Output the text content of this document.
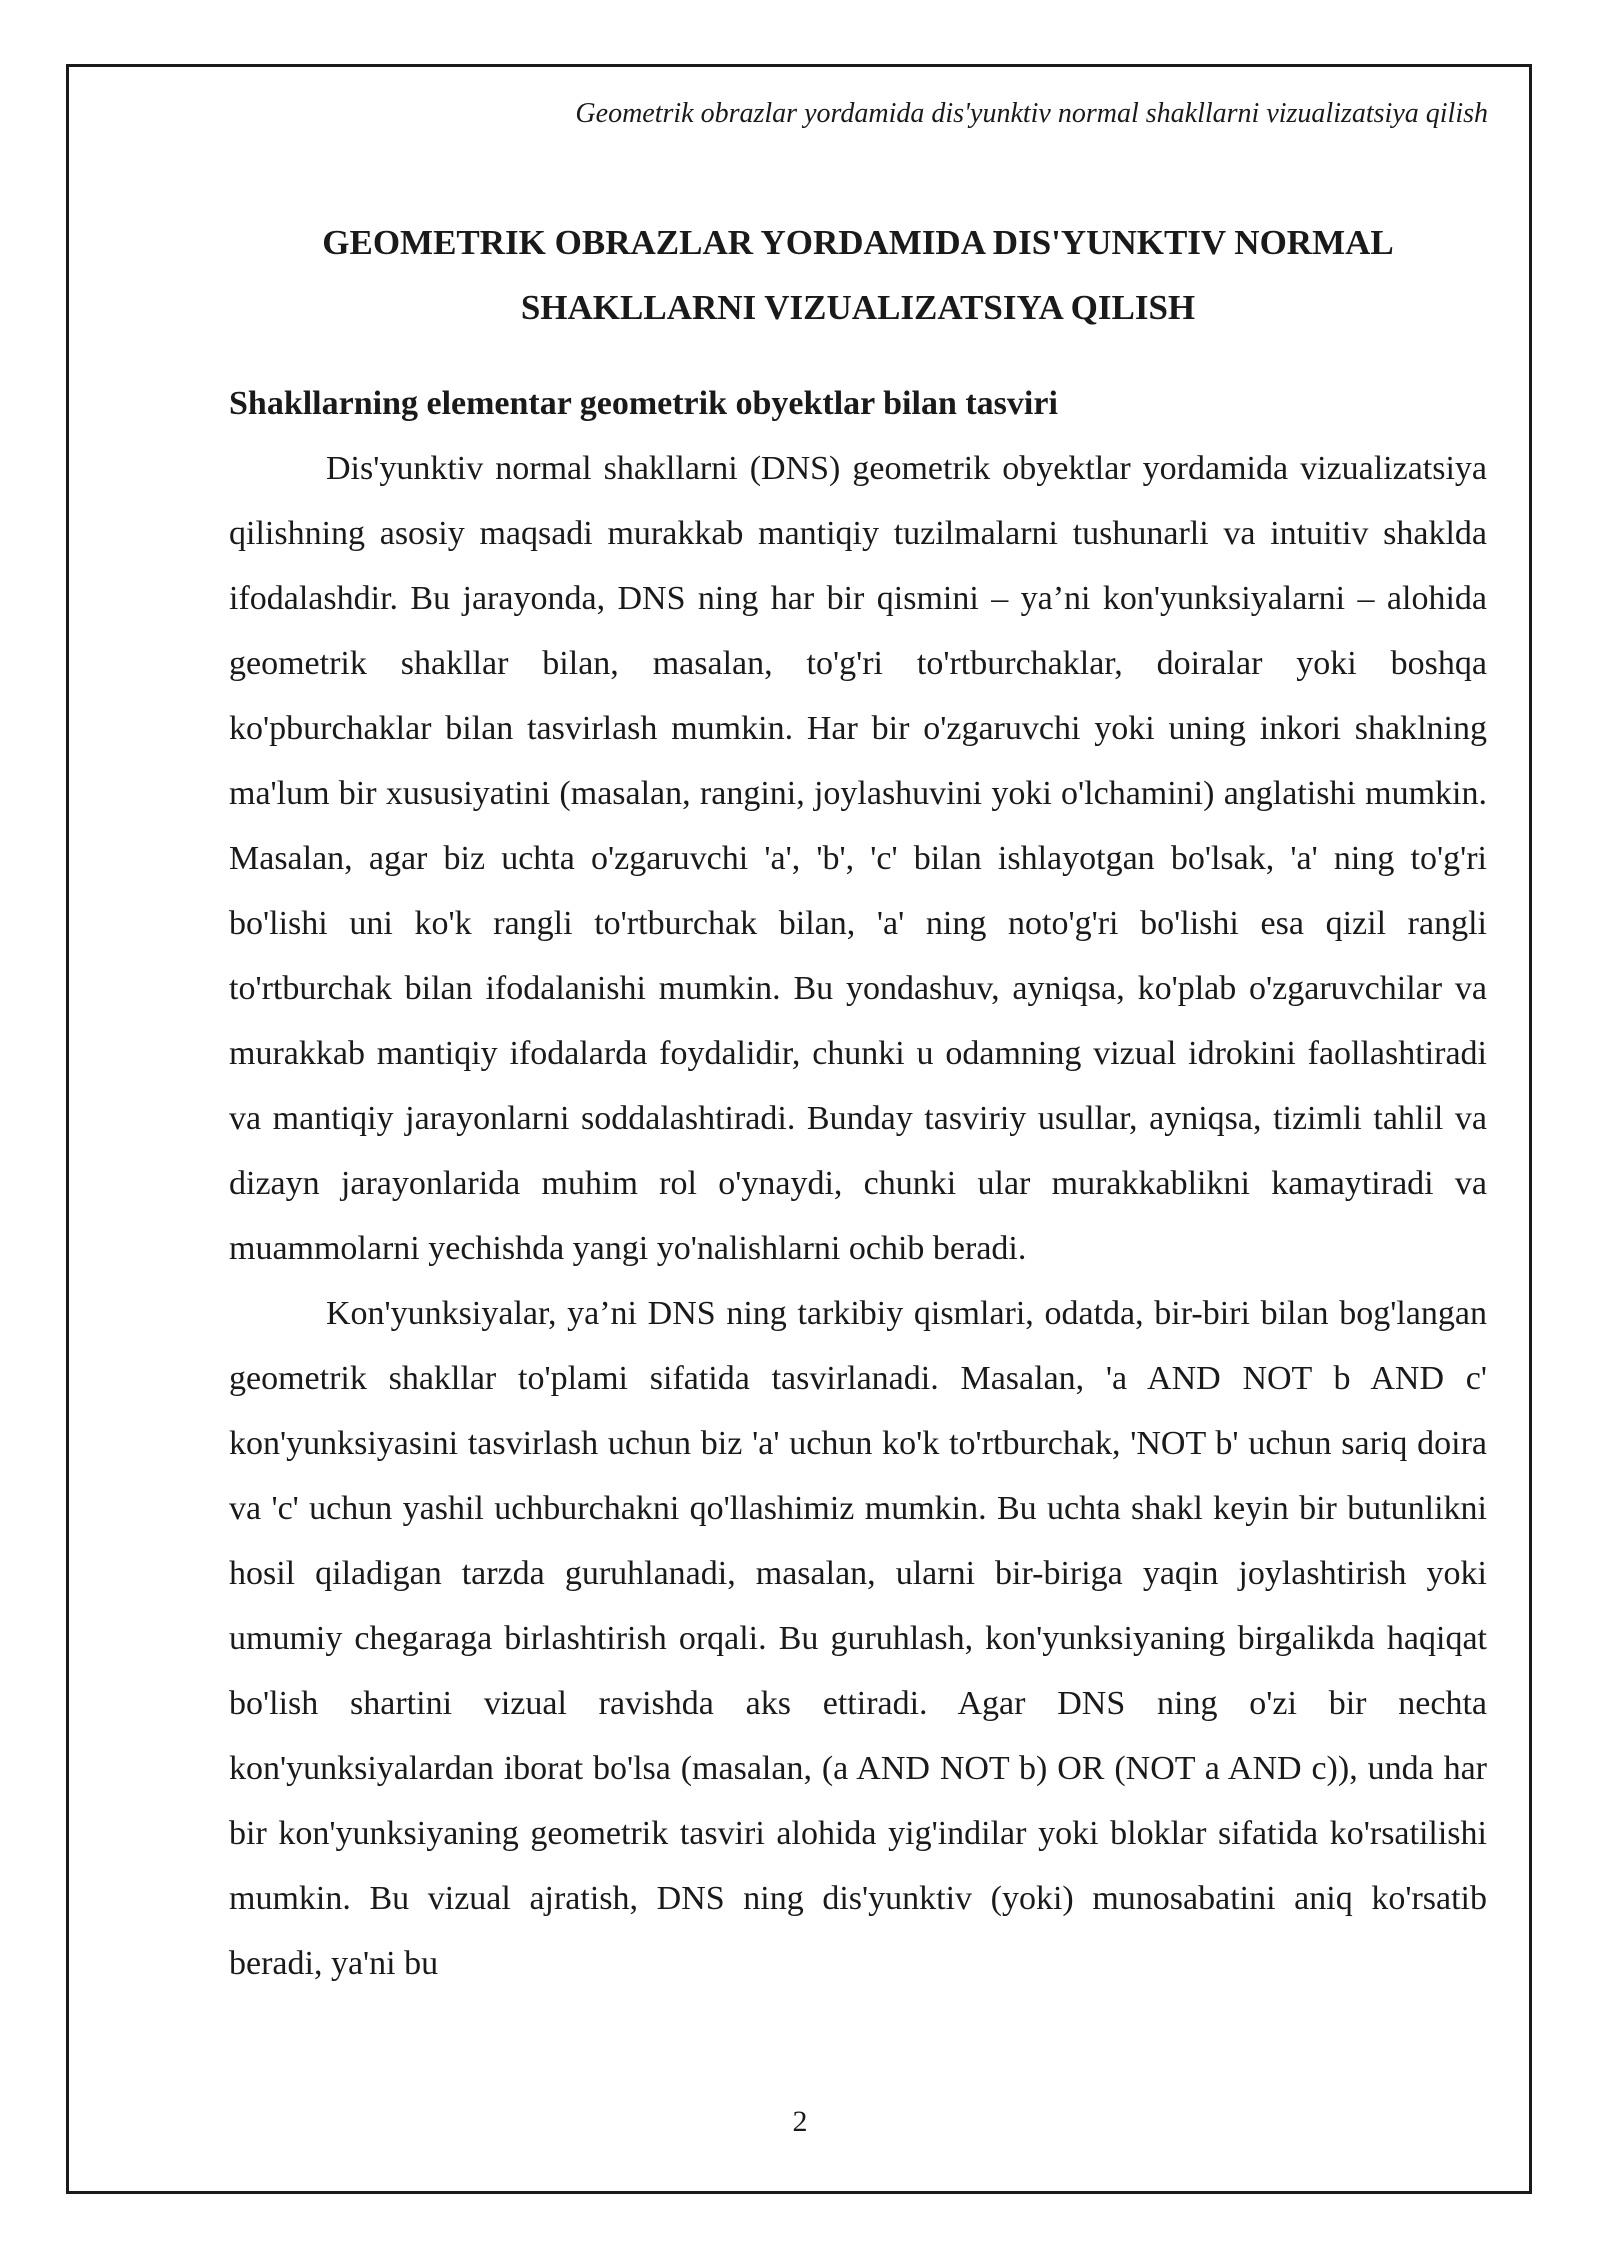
Geometrik obrazlar yordamida dis'yunktiv normal shakllarni vizualizatsiya qilish
GEOMETRIK OBRAZLAR YORDAMIDA DIS'YUNKTIV NORMAL
SHAKLLARNI VIZUALIZATSIYA QILISH
Shakllarning elementar geometrik obyektlar bilan tasviri

Dis'yunktiv normal shakllarni (DNS) geometrik obyektlar yordamida vizualizatsiya qilishning asosiy maqsadi murakkab mantiqiy tuzilmalarni tushunarli va intuitiv shaklda ifodalashdir. Bu jarayonda, DNS ning har bir qismini – ya’ni kon'yunksiyalarni – alohida geometrik shakllar bilan, masalan, to'g'ri to'rtburchaklar, doiralar yoki boshqa ko'pburchaklar bilan tasvirlash mumkin. Har bir o'zgaruvchi yoki uning inkori shaklning ma'lum bir xususiyatini (masalan, rangini, joylashuvini yoki o'lchamini) anglatishi mumkin. Masalan, agar biz uchta o'zgaruvchi 'a', 'b', 'c' bilan ishlayotgan bo'lsak, 'a' ning to'g'ri bo'lishi uni ko'k rangli to'rtburchak bilan, 'a' ning noto'g'ri bo'lishi esa qizil rangli to'rtburchak bilan ifodalanishi mumkin. Bu yondashuv, ayniqsa, ko'plab o'zgaruvchilar va murakkab mantiqiy ifodalarda foydalidir, chunki u odamning vizual idrokini faollashtiradi va mantiqiy jarayonlarni soddalashtiradi. Bunday tasviriy usullar, ayniqsa, tizimli tahlil va dizayn jarayonlarida muhim rol o'ynaydi, chunki ular murakkablikni kamaytiradi va muammolarni yechishda yangi yo'nalishlarni ochib beradi.

Kon'yunksiyalar, ya’ni DNS ning tarkibiy qismlari, odatda, bir-biri bilan bog'langan geometrik shakllar to'plami sifatida tasvirlanadi. Masalan, 'a AND NOT b AND c' kon'yunksiyasini tasvirlash uchun biz 'a' uchun ko'k to'rtburchak, 'NOT b' uchun sariq doira va 'c' uchun yashil uchburchakni qo'llashimiz mumkin. Bu uchta shakl keyin bir butunlikni hosil qiladigan tarzda guruhlanadi, masalan, ularni bir-biriga yaqin joylashtirish yoki umumiy chegaraga birlashtirish orqali. Bu guruhlash, kon'yunksiyaning birgalikda haqiqat bo'lish shartini vizual ravishda aks ettiradi. Agar DNS ning o'zi bir nechta kon'yunksiyalardan iborat bo'lsa (masalan, (a AND NOT b) OR (NOT a AND c)), unda har bir kon'yunksiyaning geometrik tasviri alohida yig'indilar yoki bloklar sifatida ko'rsatilishi mumkin. Bu vizual ajratish, DNS ning dis'yunktiv (yoki) munosabatini aniq ko'rsatib beradi, ya'ni bu

2
